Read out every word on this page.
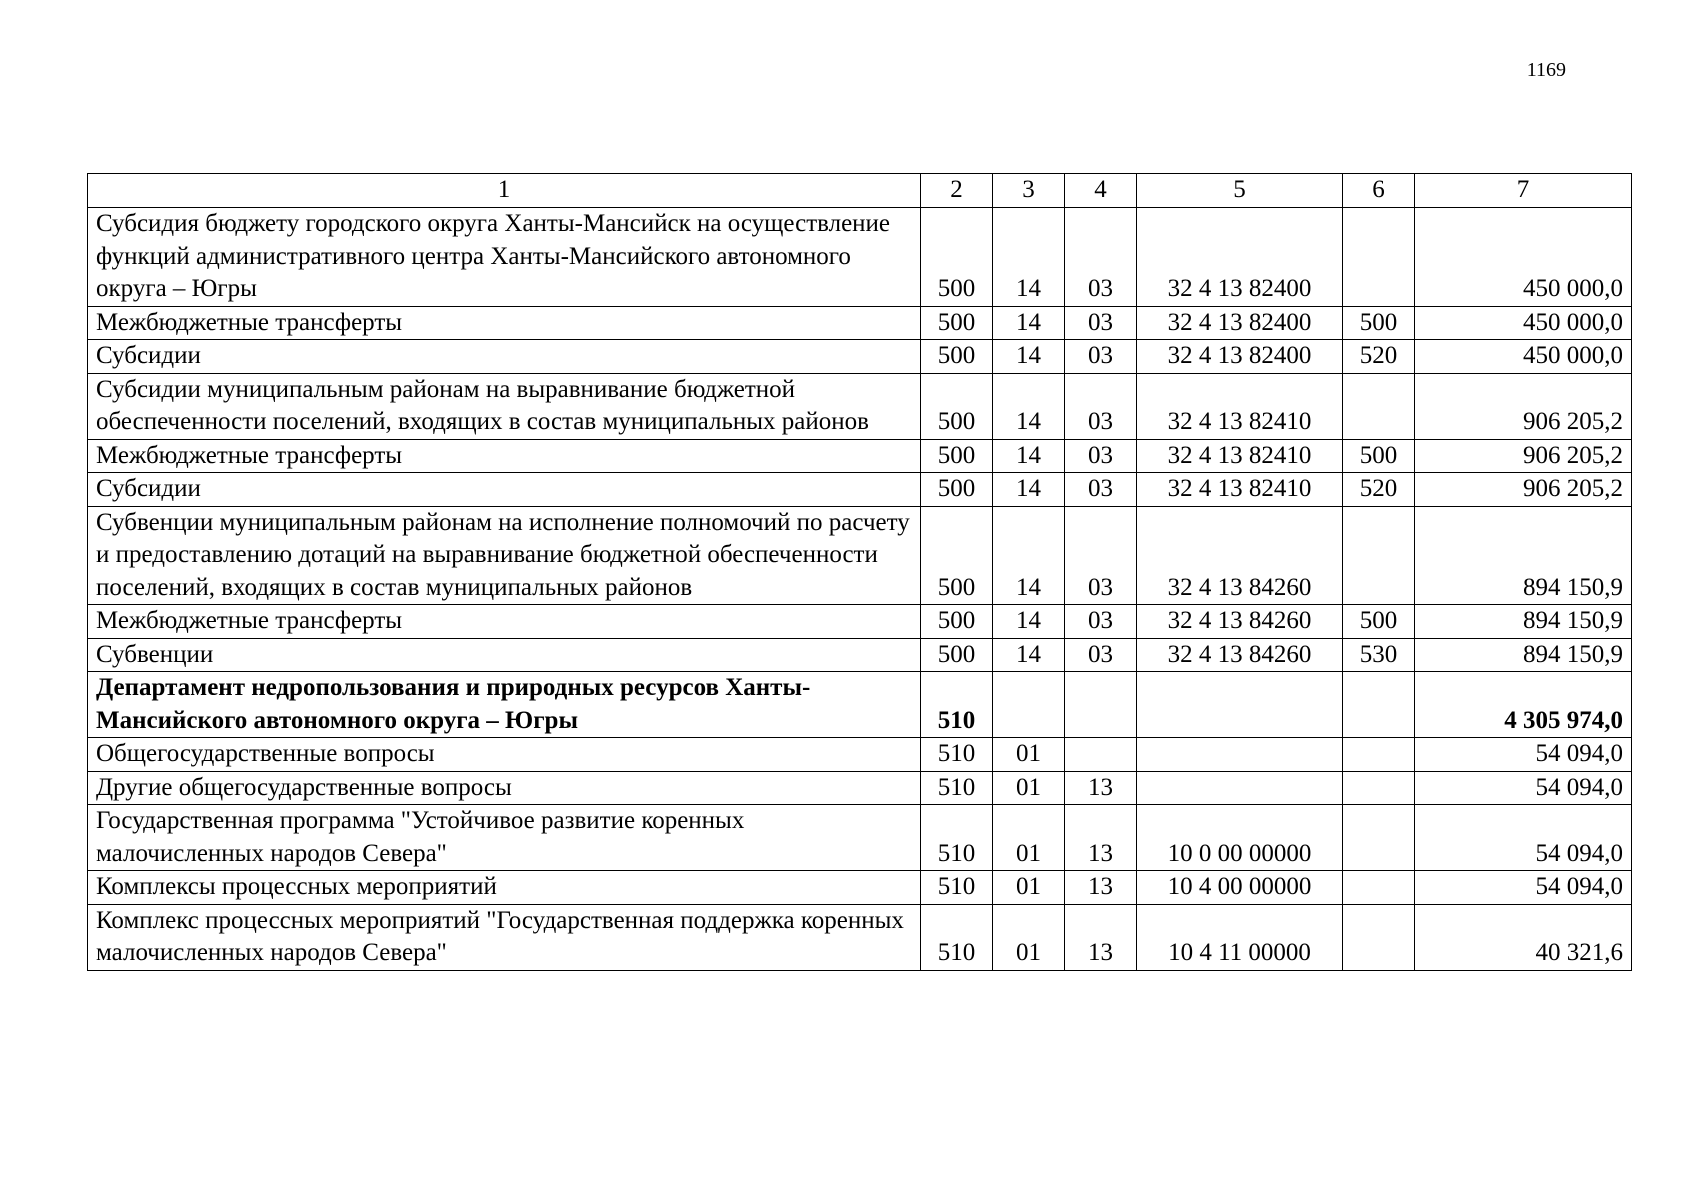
1169
1	2	3	4	5	6	7
Субсидия бюджету городского округа Ханты-Мансийск на осуществление функций административного центра Ханты-Мансийского автономного округа – Югры	500	14	03	32 4 13 82400		450 000,0
Межбюджетные трансферты	500	14	03	32 4 13 82400	500	450 000,0
Субсидии	500	14	03	32 4 13 82400	520	450 000,0
Субсидии муниципальным районам на выравнивание бюджетной обеспеченности поселений, входящих в состав муниципальных районов	500	14	03	32 4 13 82410		906 205,2
Межбюджетные трансферты	500	14	03	32 4 13 82410	500	906 205,2
Субсидии	500	14	03	32 4 13 82410	520	906 205,2
Субвенции муниципальным районам на исполнение полномочий по расчету и предоставлению дотаций на выравнивание бюджетной обеспеченности поселений, входящих в состав муниципальных районов	500	14	03	32 4 13 84260		894 150,9
Межбюджетные трансферты	500	14	03	32 4 13 84260	500	894 150,9
Субвенции	500	14	03	32 4 13 84260	530	894 150,9
Департамент недропользования и природных ресурсов Ханты-Мансийского автономного округа – Югры	510					4 305 974,0
Общегосударственные вопросы	510	01				54 094,0
Другие общегосударственные вопросы	510	01	13			54 094,0
Государственная программа "Устойчивое развитие коренных малочисленных народов Севера"	510	01	13	10 0 00 00000		54 094,0
Комплексы процессных мероприятий	510	01	13	10 4 00 00000		54 094,0
Комплекс процессных мероприятий "Государственная поддержка коренных малочисленных народов Севера"	510	01	13	10 4 11 00000		40 321,6
